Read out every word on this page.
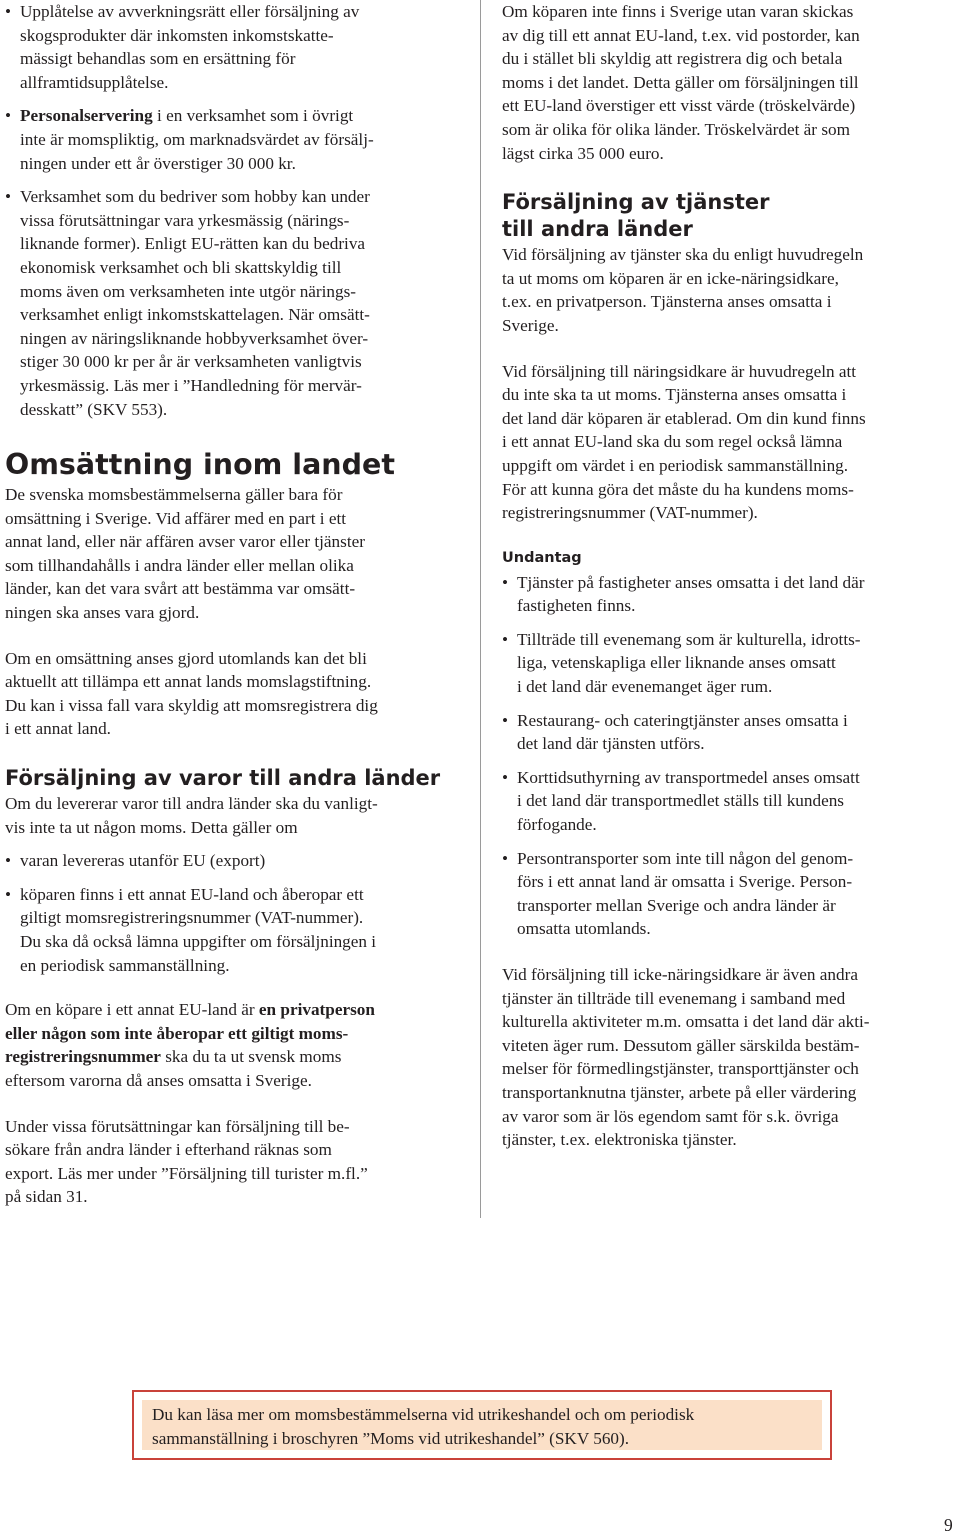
• Upplåtelse av avverkningsrätt eller försäljning av
skogsprodukter där inkomsten inkomstskatte-
mässigt behandlas som en ersättning för
allframtidsupplåtelse.
• Personalservering i en verksamhet som i övrigt
inte är momspliktig, om marknadsvärdet av försälj-
ningen under ett år överstiger 30 000 kr.
• Verksamhet som du bedriver som hobby kan under
vissa förutsättningar vara yrkesmässig (närings-
liknande former). Enligt EU-rätten kan du bedriva
ekonomisk verksamhet och bli skattskyldig till
moms även om verksamheten inte utgör närings-
verksamhet enligt inkomstskattelagen. När omsätt-
ningen av näringsliknande hobbyverksamhet över-
stiger 30 000 kr per år är verksamheten vanligtvis
yrkesmässig. Läs mer i ”Handledning för mervär-
desskatt” (SKV 553).
Omsättning inom landet

De svenska momsbestämmelserna gäller bara för
omsättning i Sverige. Vid affärer med en part i ett
annat land, eller när affären avser varor eller tjänster
som tillhandahålls i andra länder eller mellan olika
länder, kan det vara svårt att bestämma var omsätt-
ningen ska anses vara gjord.

Om en omsättning anses gjord utomlands kan det bli
aktuellt att tillämpa ett annat lands momslagstiftning.
Du kan i vissa fall vara skyldig att momsregistrera dig
i ett annat land.

Försäljning av varor till andra länder

Om du levererar varor till andra länder ska du vanligt-
vis inte ta ut någon moms. Detta gäller om

• varan levereras utanför EU (export)
• köparen finns i ett annat EU-land och åberopar ett
giltigt momsregistreringsnummer (VAT-nummer).
Du ska då också lämna uppgifter om försäljningen i
en periodisk sammanställning.

Om en köpare i ett annat EU-land är en privatperson
eller någon som inte åberopar ett giltigt moms-
registreringsnummer ska du ta ut svensk moms
eftersom varorna då anses omsatta i Sverige.

Under vissa förutsättningar kan försäljning till be-
sökare från andra länder i efterhand räknas som
export. Läs mer under ”Försäljning till turister m.fl.”
på sidan 31.

Om köparen inte finns i Sverige utan varan skickas
av dig till ett annat EU-land, t.ex. vid postorder, kan
du i stället bli skyldig att registrera dig och betala
moms i det landet. Detta gäller om försäljningen till
ett EU-land överstiger ett visst värde (tröskelvärde)
som är olika för olika länder. Tröskelvärdet är som
lägst cirka 35 000 euro.

Försäljning av tjänster
till andra länder

Vid försäljning av tjänster ska du enligt huvudregeln
ta ut moms om köparen är en icke-näringsidkare,
t.ex. en privatperson. Tjänsterna anses omsatta i
Sverige.

Vid försäljning till näringsidkare är huvudregeln att
du inte ska ta ut moms. Tjänsterna anses omsatta i
det land där köparen är etablerad. Om din kund finns
i ett annat EU-land ska du som regel också lämna
uppgift om värdet i en periodisk sammanställning.
För att kunna göra det måste du ha kundens moms-
registreringsnummer (VAT-nummer).

Undantag
• Tjänster på fastigheter anses omsatta i det land där
fastigheten finns.
• Tillträde till evenemang som är kulturella, idrotts-
liga, vetenskapliga eller liknande anses omsatt
i det land där evenemanget äger rum.
• Restaurang- och cateringtjänster anses omsatta i
det land där tjänsten utförs.
• Korttidsuthyrning av transportmedel anses omsatt
i det land där transportmedlet ställs till kundens
förfogande.
• Persontransporter som inte till någon del genom-
förs i ett annat land är omsatta i Sverige. Person-
transporter mellan Sverige och andra länder är
omsatta utomlands.

Vid försäljning till icke-näringsidkare är även andra
tjänster än tillträde till evenemang i samband med
kulturella aktiviteter m.m. omsatta i det land där akti-
viteten äger rum. Dessutom gäller särskilda bestäm-
melser för förmedlingstjänster, transporttjänster och
transportanknutna tjänster, arbete på eller värdering
av varor som är lös egendom samt för s.k. övriga
tjänster, t.ex. elektroniska tjänster.

Du kan läsa mer om momsbestämmelserna vid utrikeshandel och om periodisk
sammanställning i broschyren ”Moms vid utrikeshandel” (SKV 560).
9
